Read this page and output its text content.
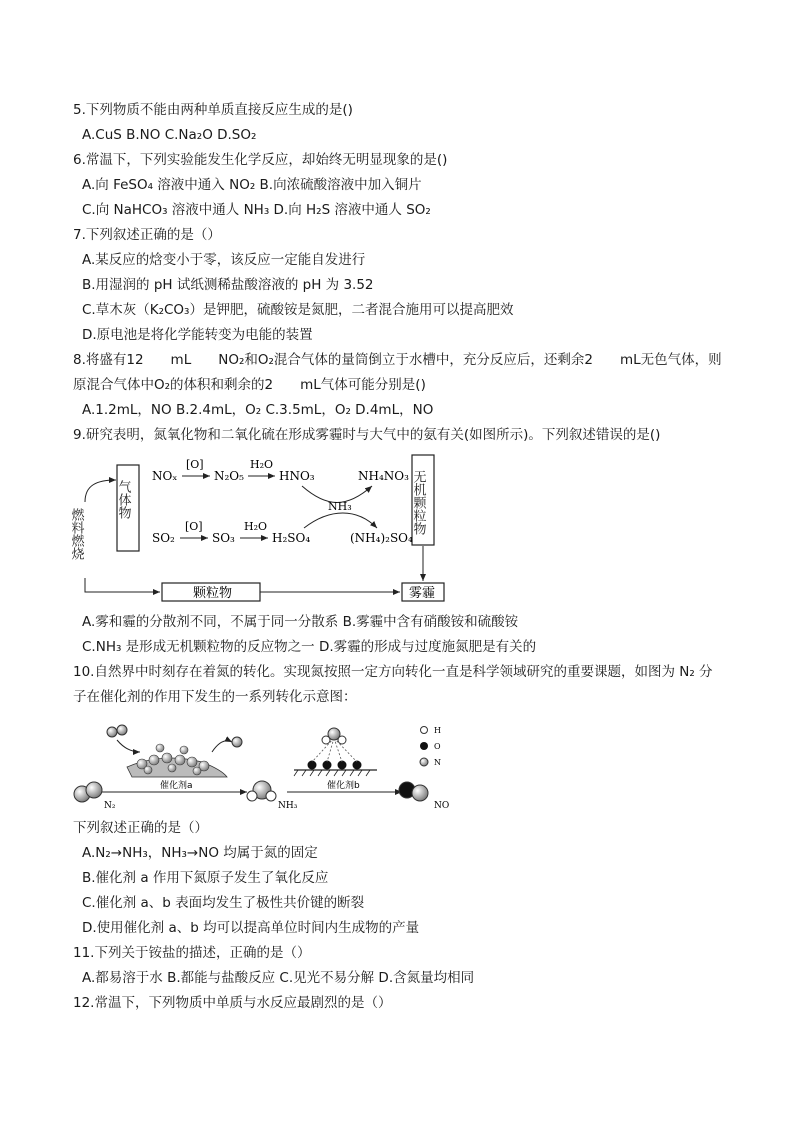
5.下列物质不能由两种单质直接反应生成的是()
A.CuS B.NO C.Na₂O D.SO₂
6.常温下，下列实验能发生化学反应，却始终无明显现象的是()
A.向 FeSO₄ 溶液中通入 NO₂ B.向浓硫酸溶液中加入铜片
C.向 NaHCO₃ 溶液中通人 NH₃ D.向 H₂S 溶液中通人 SO₂
7.下列叙述正确的是（）
A.某反应的焓变小于零，该反应一定能自发进行
B.用湿润的 pH 试纸测稀盐酸溶液的 pH 为 3.52
C.草木灰（K₂CO₃）是钾肥，硫酸铵是氮肥，二者混合施用可以提高肥效
D.原电池是将化学能转变为电能的装置
8.将盛有12　　mL　　NO₂和O₂混合气体的量筒倒立于水槽中，充分反应后，还剩余2　　mL无色气体，则
原混合气体中O₂的体积和剩余的2　　mL气体可能分别是()
A.1.2mL，NO B.2.4mL，O₂ C.3.5mL，O₂ D.4mL，NO
9.研究表明，氮氧化物和二氧化硫在形成雾霾时与大气中的氨有关(如图所示)。下列叙述错误的是()
燃料燃烧
气体物
NOₓ
[O]
N₂O₅
H₂O
HNO₃	NH₄NO₃ 无机颗粒物
SO₂
[O]
SO₃
H₂O
H₂SO₄
NH₃
(NH₄)₂SO₄
颗粒物	雾霾
A.雾和霾的分散剂不同，不属于同一分散系 B.雾霾中含有硝酸铵和硫酸铵
C.NH₃ 是形成无机颗粒物的反应物之一 D.雾霾的形成与过度施氮肥是有关的
10.自然界中时刻存在着氮的转化。实现氮按照一定方向转化一直是科学领域研究的重要课题，如图为 N₂ 分
子在催化剂的作用下发生的一系列转化示意图：
N₂
催化剂a
NH₃
催化剂b
NO
H
O
N
下列叙述正确的是（）
A.N₂→NH₃，NH₃→NO 均属于氮的固定
B.催化剂 a 作用下氮原子发生了氧化反应
C.催化剂 a、b 表面均发生了极性共价键的断裂
D.使用催化剂 a、b 均可以提高单位时间内生成物的产量
11.下列关于铵盐的描述，正确的是（）
A.都易溶于水 B.都能与盐酸反应 C.见光不易分解 D.含氮量均相同
12.常温下，下列物质中单质与水反应最剧烈的是（）
